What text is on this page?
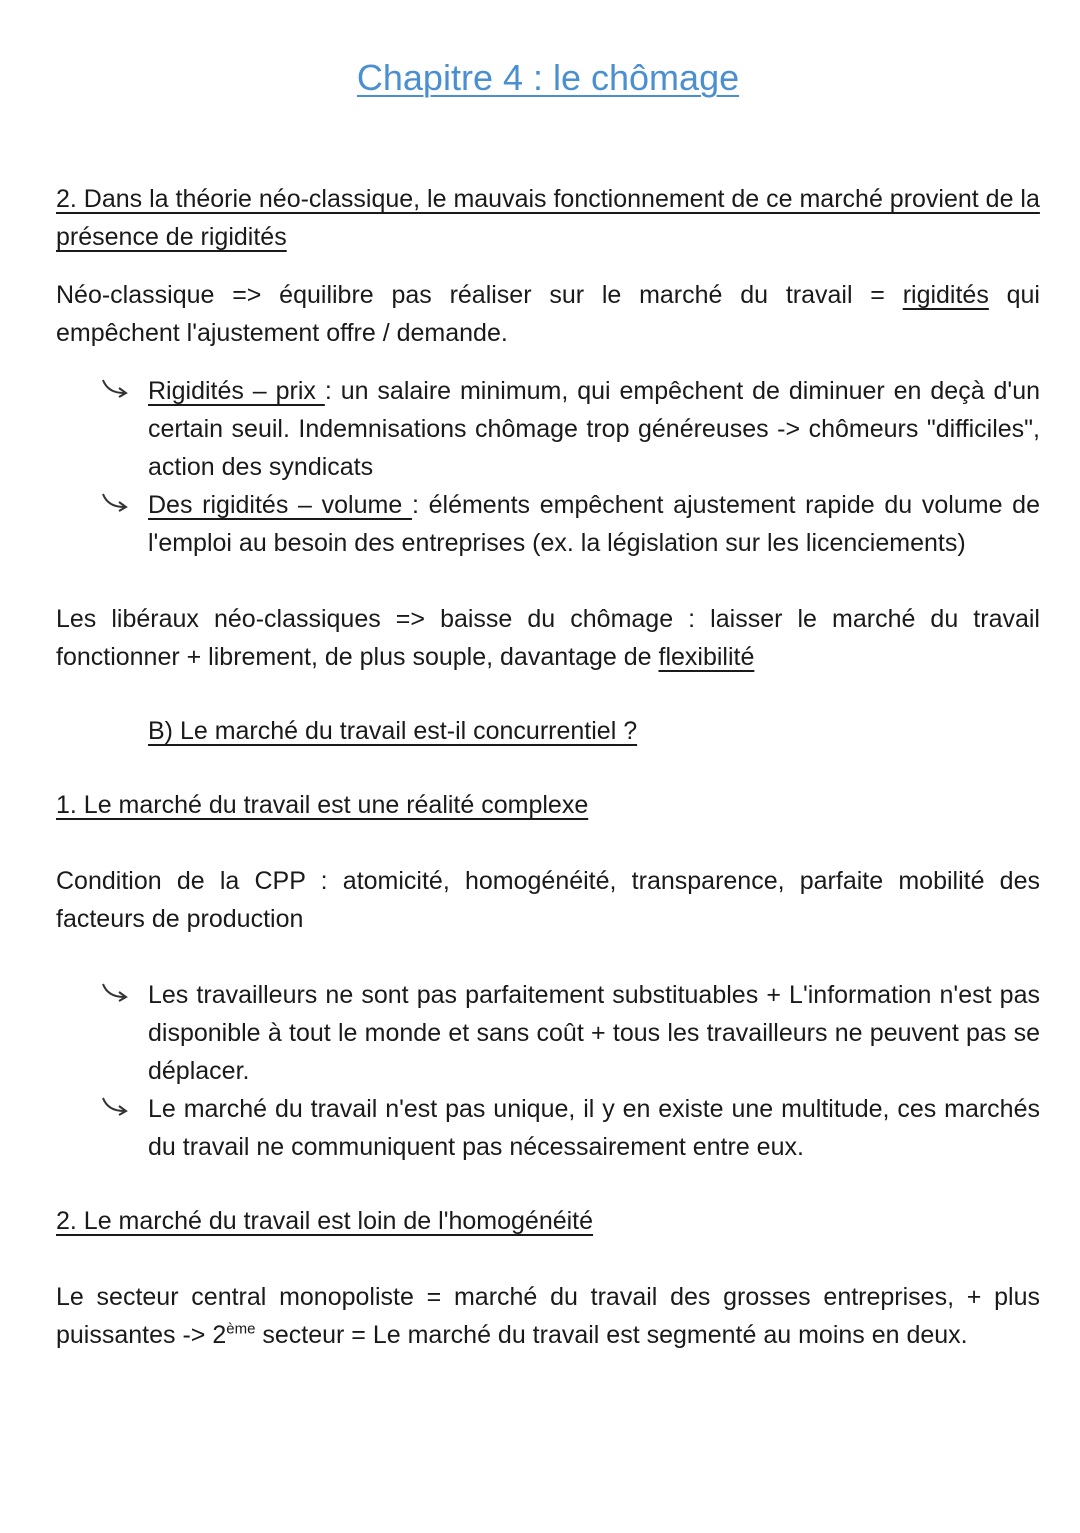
Chapitre 4 : le chômage

2. Dans la théorie néo-classique, le mauvais fonctionnement de ce marché provient de la présence de rigidités

Néo-classique => équilibre pas réaliser sur le marché du travail = rigidités qui empêchent l'ajustement offre / demande.

Rigidités – prix : un salaire minimum, qui empêchent de diminuer en deçà d'un certain seuil. Indemnisations chômage trop généreuses -> chômeurs "difficiles", action des syndicats
Des rigidités – volume : éléments empêchent ajustement rapide du volume de l'emploi au besoin des entreprises (ex. la législation sur les licenciements)

Les libéraux néo-classiques => baisse du chômage : laisser le marché du travail fonctionner + librement, de plus souple, davantage de flexibilité

B) Le marché du travail est-il concurrentiel ?

1. Le marché du travail est une réalité complexe

Condition de la CPP : atomicité, homogénéité, transparence, parfaite mobilité des facteurs de production

Les travailleurs ne sont pas parfaitement substituables + L'information n'est pas disponible à tout le monde et sans coût + tous les travailleurs ne peuvent pas se déplacer.
Le marché du travail n'est pas unique, il y en existe une multitude, ces marchés du travail ne communiquent pas nécessairement entre eux.

2. Le marché du travail est loin de l'homogénéité

Le secteur central monopoliste = marché du travail des grosses entreprises, + plus puissantes -> 2ème secteur = Le marché du travail est segmenté au moins en deux.
